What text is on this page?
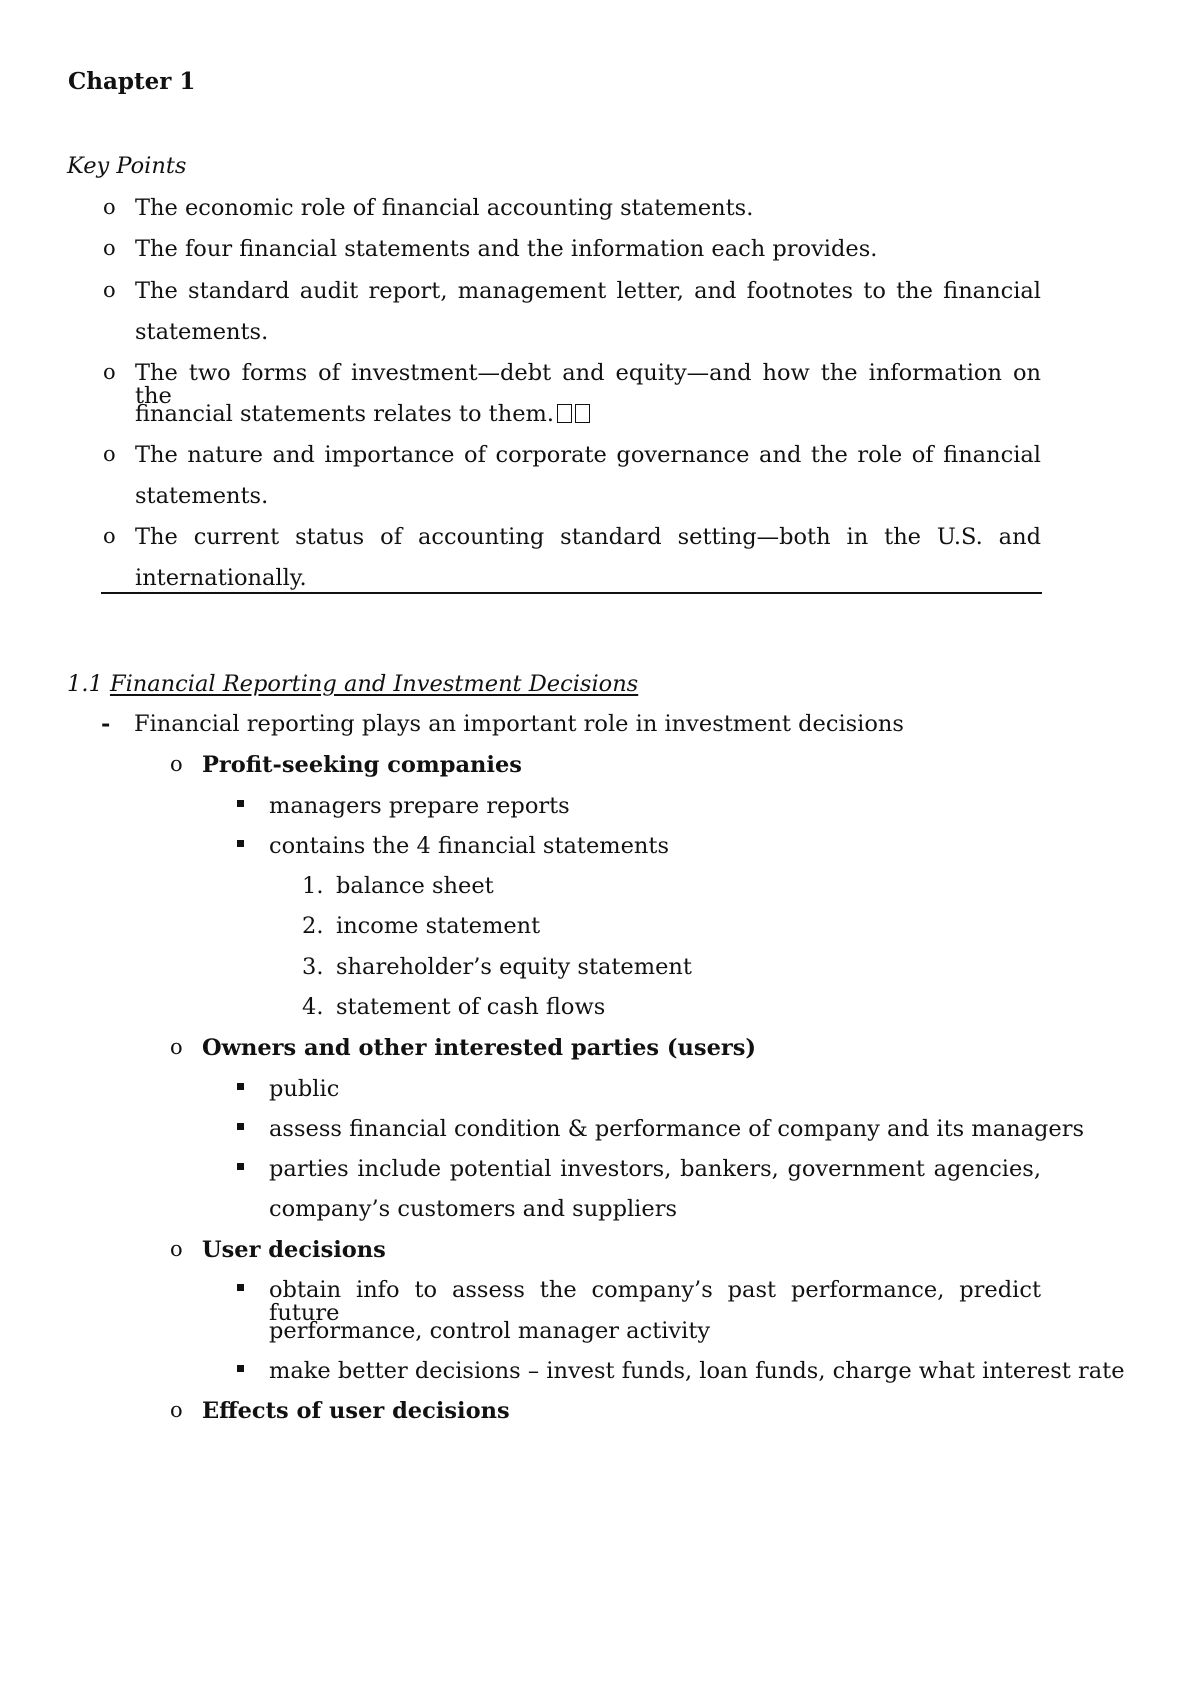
Chapter 1
Key Points
o The economic role of financial accounting statements.
o The four financial statements and the information each provides.
o The standard audit report, management letter, and footnotes to the financial
statements.
o The two forms of investment—debt and equity—and how the information on the
financial statements relates to them.
o The nature and importance of corporate governance and the role of financial
statements.
o The current status of accounting standard setting—both in the U.S. and
internationally.
1.1 Financial Reporting and Investment Decisions
- Financial reporting plays an important role in investment decisions
o Profit-seeking companies
managers prepare reports
contains the 4 financial statements
1. balance sheet
2. income statement
3. shareholder’s equity statement
4. statement of cash flows
o Owners and other interested parties (users)
public
assess financial condition & performance of company and its managers
parties include potential investors, bankers, government agencies,
company’s customers and suppliers
o User decisions
obtain info to assess the company’s past performance, predict future
performance, control manager activity
make better decisions – invest funds, loan funds, charge what interest rate
o Effects of user decisions
